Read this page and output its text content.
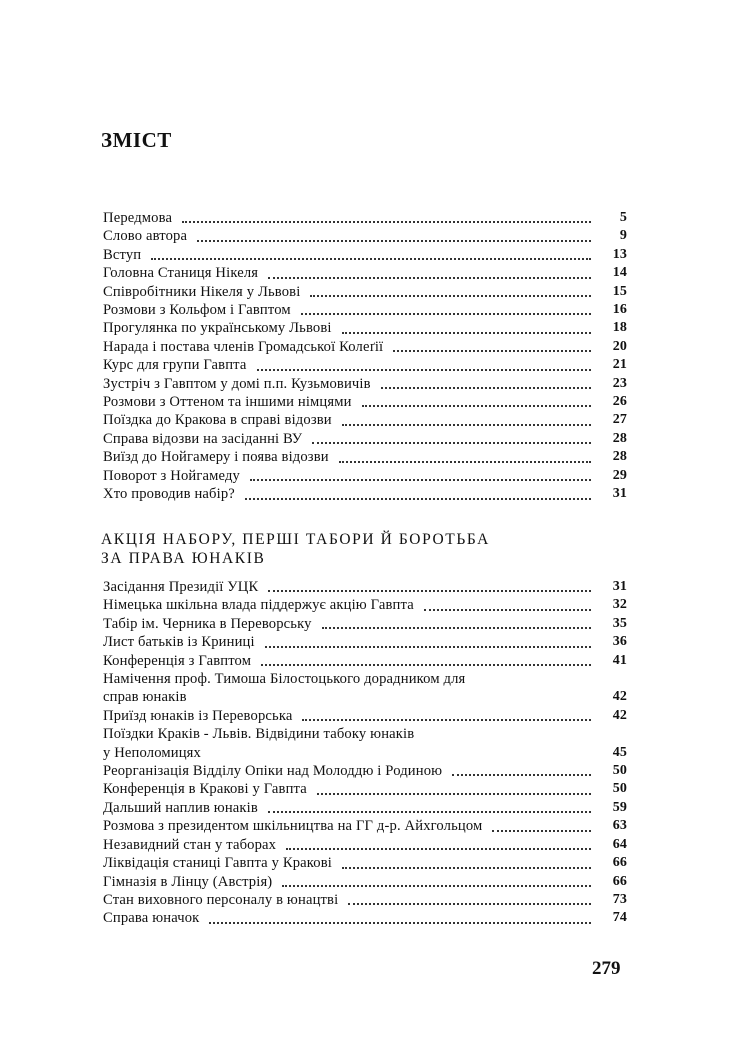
ЗМІСТ
Передмова	5
Слово автора	9
Вступ	13
Головна Станиця Нікеля	14
Співробітники Нікеля у Львові	15
Розмови з Кольфом і Гавптом	16
Прогулянка по українському Львові	18
Нарада і постава членів Громадської Колеґії	20
Курс для групи Гавпта	21
Зустріч з Гавптом у домі п.п. Кузьмовичів	23
Розмови з Оттеном та іншими німцями	26
Поїздка до Кракова в справі відозви	27
Справа відозви на засіданні ВУ	28
Виїзд до Нойгамеру і поява відозви	28
Поворот з Нойгамеду	29
Хто проводив набір?	31
АКЦІЯ НАБОРУ, ПЕРШІ ТАБОРИ Й БОРОТЬБА
ЗА ПРАВА ЮНАКІВ
Засідання Президії УЦК	31
Німецька шкільна влада піддержує акцію Гавпта	32
Табір ім. Черника в Переворську	35
Лист батьків із Криниці	36
Конференція з Гавптом	41
Намічення проф. Тимоша Білостоцького дорадником для
справ юнаків	42
Приїзд юнаків із Переворська	42
Поїздки Краків - Львів. Відвідини табоку юнаків
у Неполомицях	45
Реорганізація Відділу Опіки над Молоддю і Родиною	50
Конференція в Кракові у Гавпта	50
Дальший наплив юнаків	59
Розмова з президентом шкільництва на ГГ д-р. Айхгольцом	63
Незавидний стан у таборах	64
Ліквідація станиці Гавпта у Кракові	66
Гімназія в Лінцу (Австрія)	66
Стан виховного персоналу в юнацтві	73
Справа юначок	74
279
